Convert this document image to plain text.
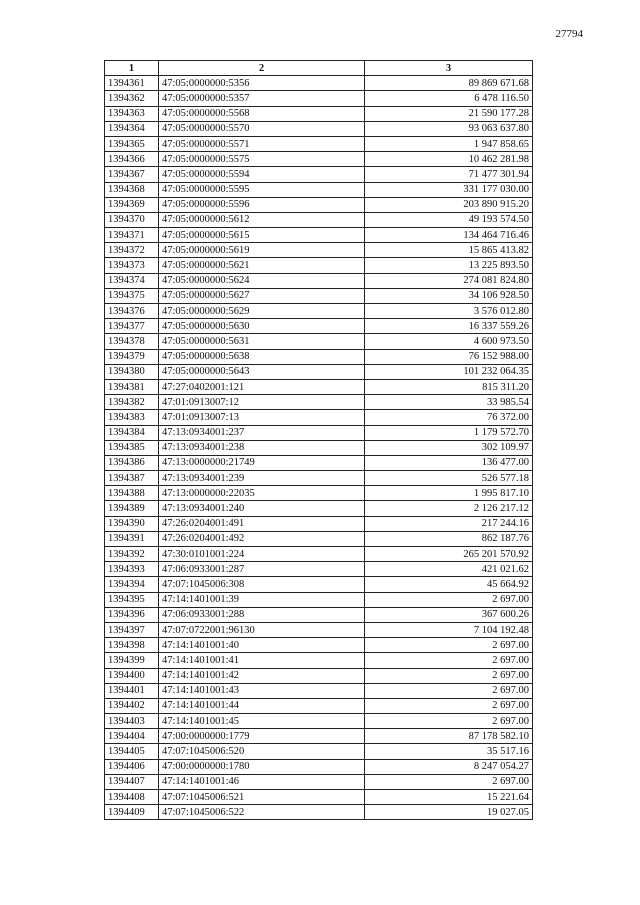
27794
1	2	3
1394361	47:05:0000000:5356	89 869 671.68
1394362	47:05:0000000:5357	6 478 116.50
1394363	47:05:0000000:5568	21 590 177.28
1394364	47:05:0000000:5570	93 063 637.80
1394365	47:05:0000000:5571	1 947 858.65
1394366	47:05:0000000:5575	10 462 281.98
1394367	47:05:0000000:5594	71 477 301.94
1394368	47:05:0000000:5595	331 177 030.00
1394369	47:05:0000000:5596	203 890 915.20
1394370	47:05:0000000:5612	49 193 574.50
1394371	47:05:0000000:5615	134 464 716.46
1394372	47:05:0000000:5619	15 865 413.82
1394373	47:05:0000000:5621	13 225 893.50
1394374	47:05:0000000:5624	274 081 824.80
1394375	47:05:0000000:5627	34 106 928.50
1394376	47:05:0000000:5629	3 576 012.80
1394377	47:05:0000000:5630	16 337 559.26
1394378	47:05:0000000:5631	4 600 973.50
1394379	47:05:0000000:5638	76 152 988.00
1394380	47:05:0000000:5643	101 232 064.35
1394381	47:27:0402001:121	815 311.20
1394382	47:01:0913007:12	33 985.54
1394383	47:01:0913007:13	76 372.00
1394384	47:13:0934001:237	1 179 572.70
1394385	47:13:0934001:238	302 109.97
1394386	47:13:0000000:21749	136 477.00
1394387	47:13:0934001:239	526 577.18
1394388	47:13:0000000:22035	1 995 817.10
1394389	47:13:0934001:240	2 126 217.12
1394390	47:26:0204001:491	217 244.16
1394391	47:26:0204001:492	862 187.76
1394392	47:30:0101001:224	265 201 570.92
1394393	47:06:0933001:287	421 021.62
1394394	47:07:1045006:308	45 664.92
1394395	47:14:1401001:39	2 697.00
1394396	47:06:0933001:288	367 600.26
1394397	47:07:0722001:96130	7 104 192.48
1394398	47:14:1401001:40	2 697.00
1394399	47:14:1401001:41	2 697.00
1394400	47:14:1401001:42	2 697.00
1394401	47:14:1401001:43	2 697.00
1394402	47:14:1401001:44	2 697.00
1394403	47:14:1401001:45	2 697.00
1394404	47:00:0000000:1779	87 178 582.10
1394405	47:07:1045006:520	35 517.16
1394406	47:00:0000000:1780	8 247 054.27
1394407	47:14:1401001:46	2 697.00
1394408	47:07:1045006:521	15 221.64
1394409	47:07:1045006:522	19 027.05
